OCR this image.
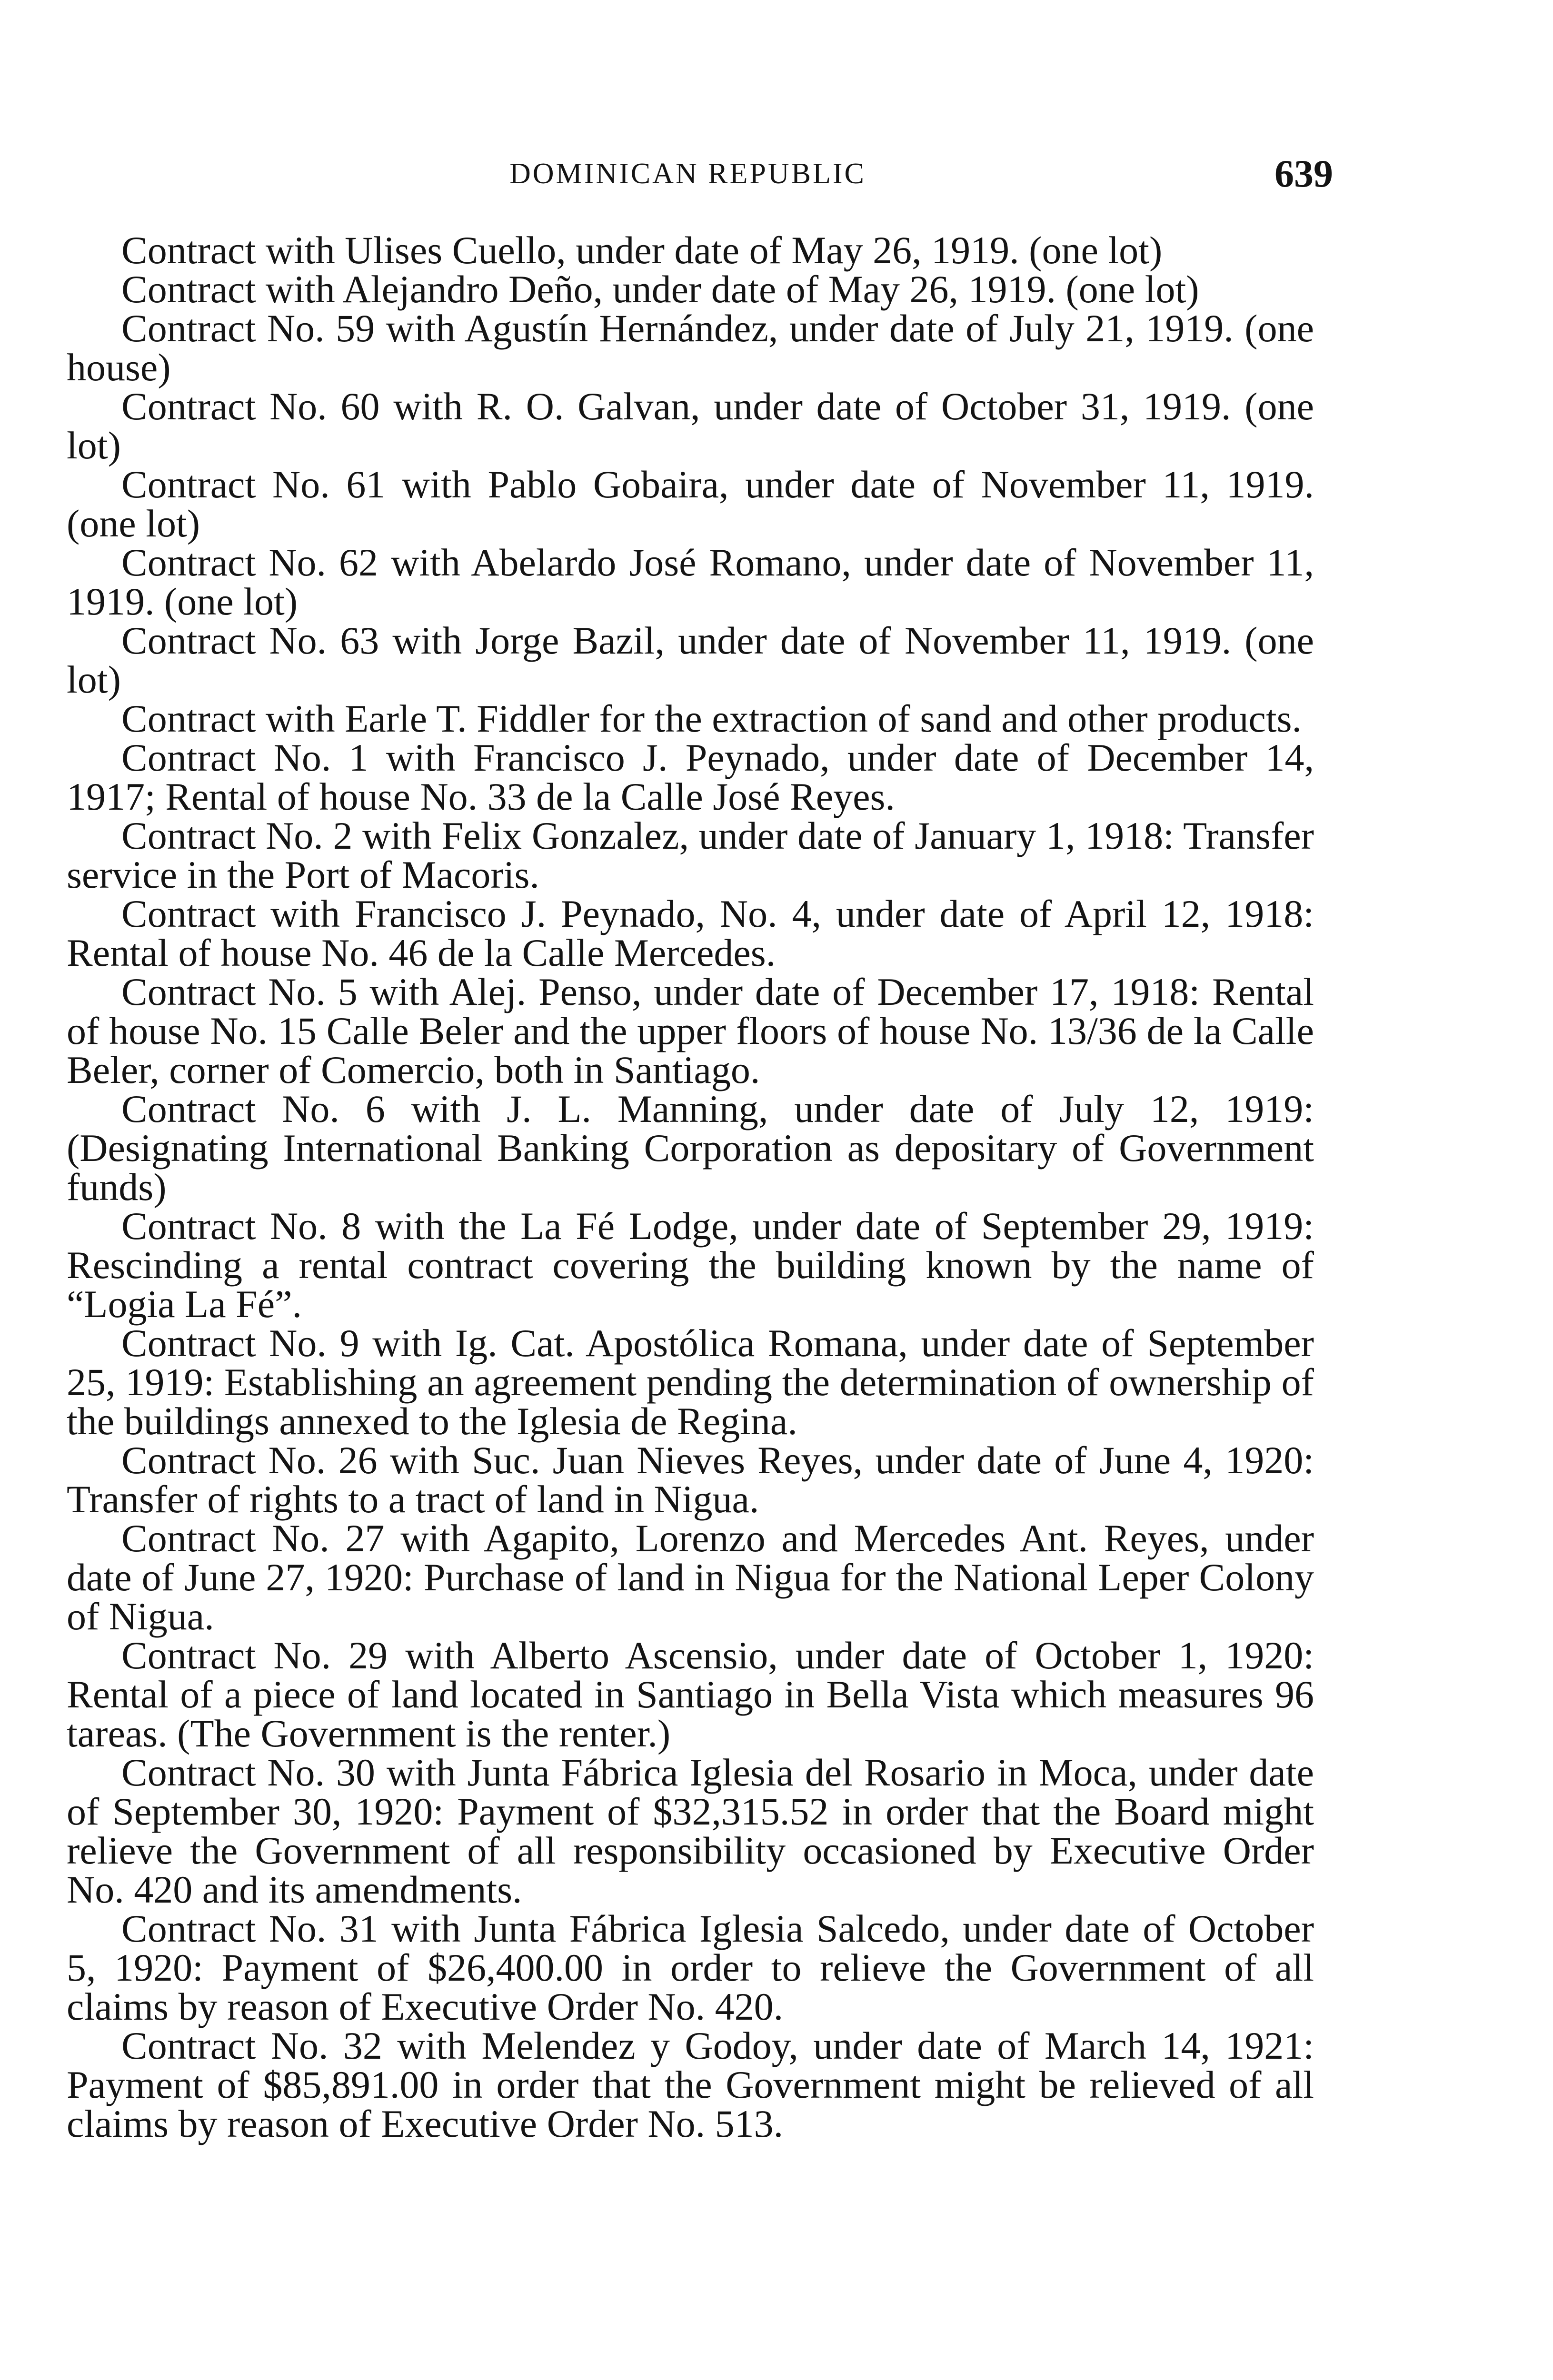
DOMINICAN REPUBLIC	639

Contract with Ulises Cuello, under date of May 26, 1919. (one lot)

Contract with Alejandro Deño, under date of May 26, 1919. (one lot)

Contract No. 59 with Agustín Hernández, under date of July 21, 1919. (one house)

Contract No. 60 with R. O. Galvan, under date of October 31, 1919. (one lot)

Contract No. 61 with Pablo Gobaira, under date of November 11, 1919. (one lot)

Contract No. 62 with Abelardo José Romano, under date of November 11, 1919. (one lot)

Contract No. 63 with Jorge Bazil, under date of November 11, 1919. (one lot)

Contract with Earle T. Fiddler for the extraction of sand and other products.

Contract No. 1 with Francisco J. Peynado, under date of December 14, 1917; Rental of house No. 33 de la Calle José Reyes.

Contract No. 2 with Felix Gonzalez, under date of January 1, 1918: Transfer service in the Port of Macoris.

Contract with Francisco J. Peynado, No. 4, under date of April 12, 1918: Rental of house No. 46 de la Calle Mercedes.

Contract No. 5 with Alej. Penso, under date of December 17, 1918: Rental of house No. 15 Calle Beler and the upper floors of house No. 13/36 de la Calle Beler, corner of Comercio, both in Santiago.

Contract No. 6 with J. L. Manning, under date of July 12, 1919: (Designating International Banking Corporation as depositary of Government funds)

Contract No. 8 with the La Fé Lodge, under date of September 29, 1919: Rescinding a rental contract covering the building known by the name of “Logia La Fé”.

Contract No. 9 with Ig. Cat. Apostólica Romana, under date of September 25, 1919: Establishing an agreement pending the determination of ownership of the buildings annexed to the Iglesia de Regina.

Contract No. 26 with Suc. Juan Nieves Reyes, under date of June 4, 1920: Transfer of rights to a tract of land in Nigua.

Contract No. 27 with Agapito, Lorenzo and Mercedes Ant. Reyes, under date of June 27, 1920: Purchase of land in Nigua for the National Leper Colony of Nigua.

Contract No. 29 with Alberto Ascensio, under date of October 1, 1920: Rental of a piece of land located in Santiago in Bella Vista which measures 96 tareas. (The Government is the renter.)

Contract No. 30 with Junta Fábrica Iglesia del Rosario in Moca, under date of September 30, 1920: Payment of $32,315.52 in order that the Board might relieve the Government of all responsibility occasioned by Executive Order No. 420 and its amendments.

Contract No. 31 with Junta Fábrica Iglesia Salcedo, under date of October 5, 1920: Payment of $26,400.00 in order to relieve the Government of all claims by reason of Executive Order No. 420.

Contract No. 32 with Melendez y Godoy, under date of March 14, 1921: Payment of $85,891.00 in order that the Government might be relieved of all claims by reason of Executive Order No. 513.
